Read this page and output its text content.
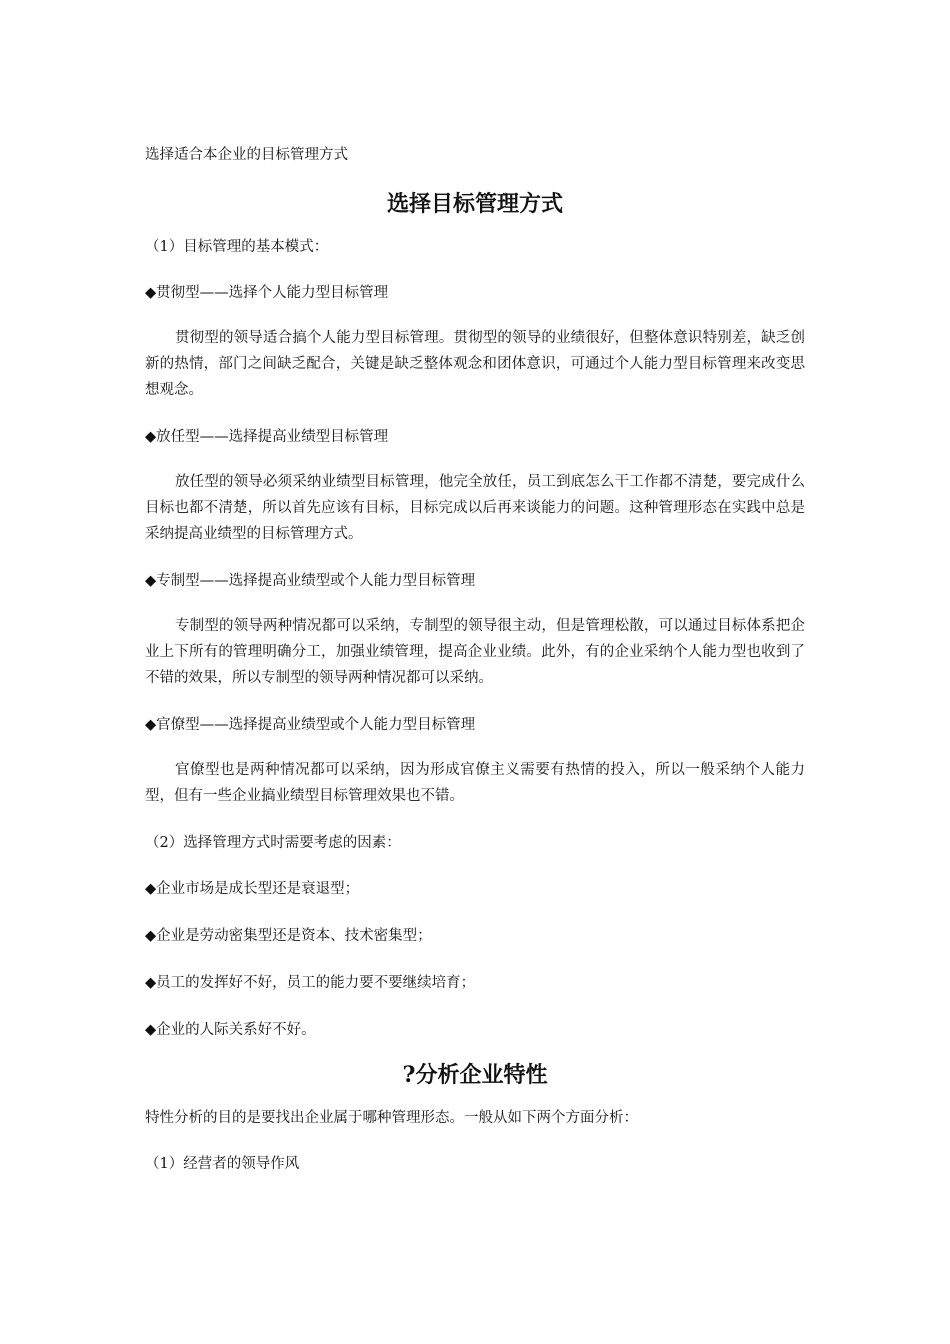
选择适合本企业的目标管理方式

选择目标管理方式

（1）目标管理的基本模式：

◆贯彻型——选择个人能力型目标管理

贯彻型的领导适合搞个人能力型目标管理。贯彻型的领导的业绩很好，但整体意识特别差，缺乏创新的热情，部门之间缺乏配合，关键是缺乏整体观念和团体意识，可通过个人能力型目标管理来改变思想观念。

◆放任型——选择提高业绩型目标管理

放任型的领导必须采纳业绩型目标管理，他完全放任，员工到底怎么干工作都不清楚，要完成什么目标也都不清楚，所以首先应该有目标，目标完成以后再来谈能力的问题。这种管理形态在实践中总是采纳提高业绩型的目标管理方式。

◆专制型——选择提高业绩型或个人能力型目标管理

专制型的领导两种情况都可以采纳，专制型的领导很主动，但是管理松散，可以通过目标体系把企业上下所有的管理明确分工，加强业绩管理，提高企业业绩。此外，有的企业采纳个人能力型也收到了不错的效果，所以专制型的领导两种情况都可以采纳。

◆官僚型——选择提高业绩型或个人能力型目标管理

官僚型也是两种情况都可以采纳，因为形成官僚主义需要有热情的投入，所以一般采纳个人能力型，但有一些企业搞业绩型目标管理效果也不错。

（2）选择管理方式时需要考虑的因素：

◆企业市场是成长型还是衰退型；

◆企业是劳动密集型还是资本、技术密集型；

◆员工的发挥好不好，员工的能力要不要继续培育；

◆企业的人际关系好不好。

?分析企业特性

特性分析的目的是要找出企业属于哪种管理形态。一般从如下两个方面分析：

（1）经营者的领导作风
